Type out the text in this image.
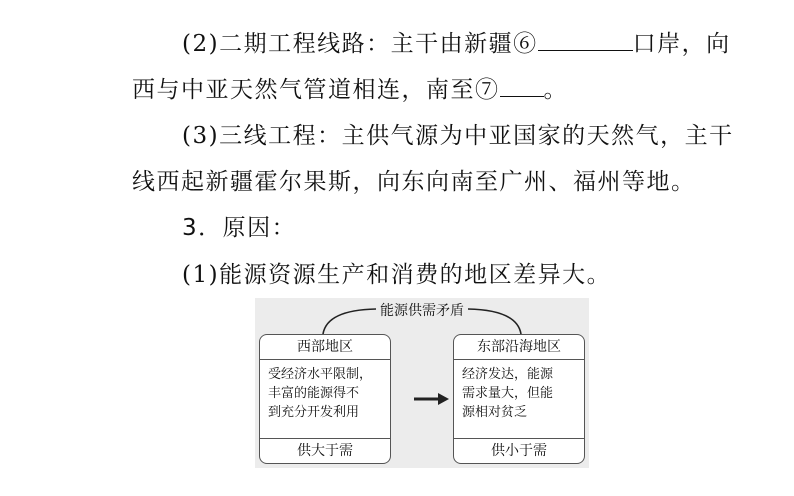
(2)二期工程线路：主干由新疆⑥	口岸，向
西与中亚天然气管道相连，南至⑦ 。
(3)三线工程：主供气源为中亚国家的天然气，主干
线西起新疆霍尔果斯，向东向南至广州、福州等地。
3．原因：
(1)能源资源生产和消费的地区差异大。
能源供需矛盾
西部地区
受经济水平限制，
丰富的能源得不
到充分开发利用
供大于需
东部沿海地区
经济发达，能源
需求量大，但能
源相对贫乏
供小于需
